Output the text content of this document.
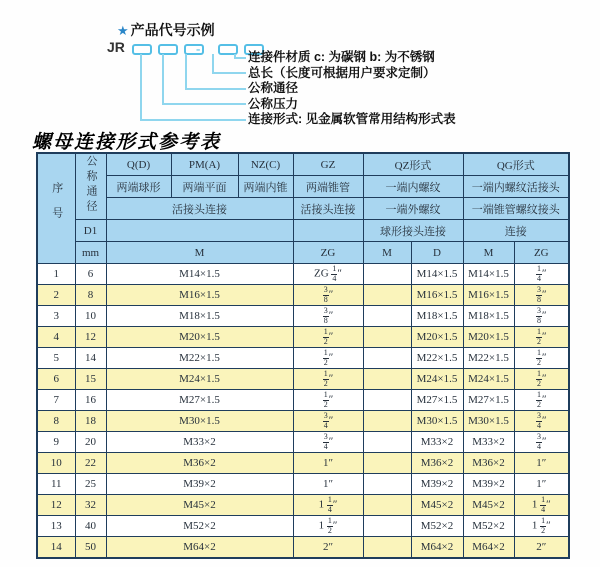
★ 产品代号示例
JR	-
连接件材质 c: 为碳钢 b: 为不锈钢
总长（长度可根据用户要求定制）
公称通径
公称压力
连接形式: 见金属软管常用结构形式表
螺母连接形式参考表
序号	公称通径	Q(D)	PM(A)	NZ(C)	GZ	QZ形式		QG形式	
		两端球形	两端平面	两端内锥	两端锥管	一端内螺纹		一端内螺纹活接头	
		活接头连接			活接头连接	一端外螺纹		一端锥管螺纹接头	
	D1					球形接头连接		连接	
	mm	M			ZG	M	D	M	ZG
1	6	M14×1.5			ZG $\frac{1}{4}$ ″		M14×1.5	M14×1.5	$\frac{1}{4}$ ″
2	8	M16×1.5			$\frac{3}{8}$ ″		M16×1.5	M16×1.5	$\frac{3}{8}$ ″
3	10	M18×1.5			$\frac{3}{8}$ ″		M18×1.5	M18×1.5	$\frac{3}{8}$ ″
4	12	M20×1.5			$\frac{1}{2}$ ″		M20×1.5	M20×1.5	$\frac{1}{2}$ ″
5	14	M22×1.5			$\frac{1}{2}$ ″		M22×1.5	M22×1.5	$\frac{1}{2}$ ″
6	15	M24×1.5			$\frac{1}{2}$ ″		M24×1.5	M24×1.5	$\frac{1}{2}$ ″
7	16	M27×1.5			$\frac{1}{2}$ ″		M27×1.5	M27×1.5	$\frac{1}{2}$ ″
8	18	M30×1.5			$\frac{3}{4}$ ″		M30×1.5	M30×1.5	$\frac{3}{4}$ ″
9	20	M33×2			$\frac{3}{4}$ ″		M33×2	M33×2	$\frac{3}{4}$ ″
10	22	M36×2			1″		M36×2	M36×2	1″
11	25	M39×2			1″		M39×2	M39×2	1″
12	32	M45×2			$1 \frac{1}{4}$ ″		M45×2	M45×2	$1 \frac{1}{4}$ ″
13	40	M52×2			$1 \frac{1}{2}$ ″		M52×2	M52×2	$1 \frac{1}{2}$ ″
14	50	M64×2			2″		M64×2	M64×2	2″
